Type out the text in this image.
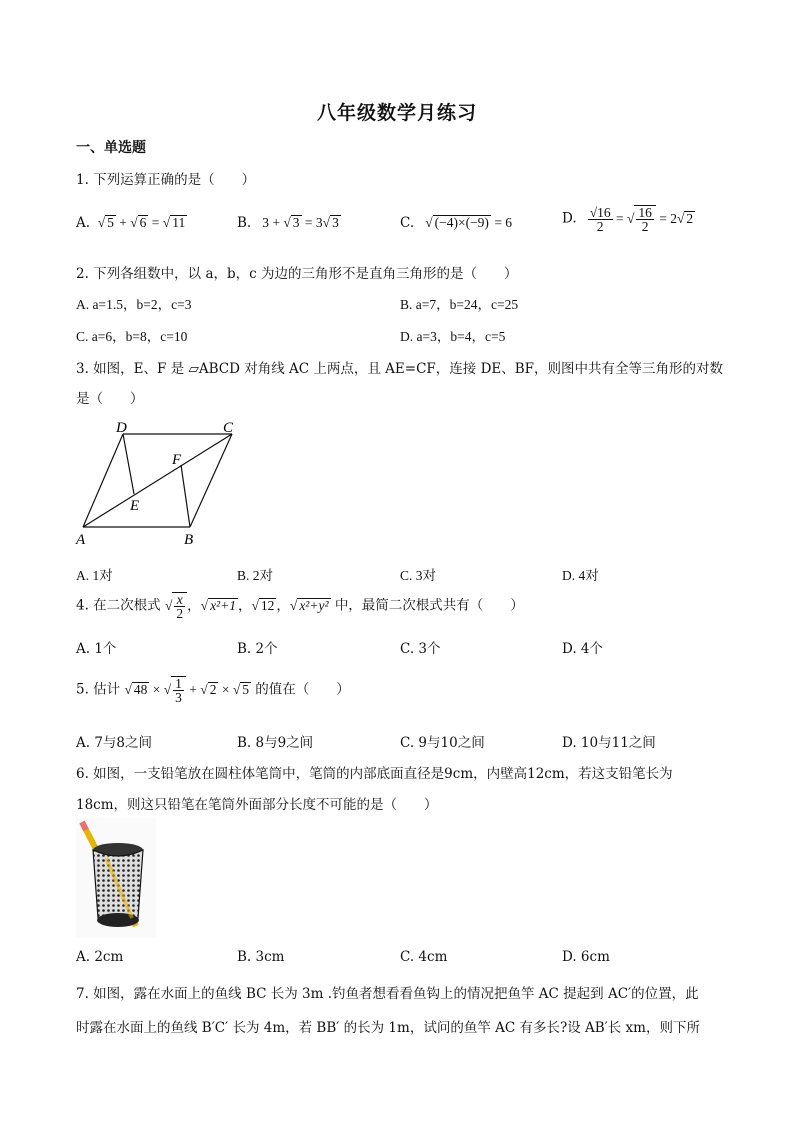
八年级数学月练习
一、单选题
1. 下列运算正确的是（　　）
A.  √ 5 + √ 6 = √ 11	B.   3 + √ 3 = 3√ 3	C.   √ (−4)×(−9) = 6	D. $\frac{√16}{2}$ = √ $\frac{16}{2} = 2√$ 2
2. 下列各组数中，以 a，b，c 为边的三角形不是直角三角形的是（　　）
A. a=1.5，b=2，c=3	B. a=7，b=24，c=25
C. a=6，b=8，c=10	D. a=3，b=4，c=5
3. 如图，E、F 是 ▱ABCD 对角线 AC 上两点，且 AE=CF，连接 DE、BF，则图中共有全等三角形的对数
是（　　）
D	C
F
E
A	B
A. 1对	B. 2对	C. 3对	D. 4对
4. 在二次根式 √ $\frac{x}{2}$ ，√ x²+1 ，√ 12 ，√ x²+y² 中，最简二次根式共有（　　）
A. 1个	B. 2个	C. 3个	D. 4个
5. 估计 √ 48 × √ $\frac{1}{3}$ + √ 2 × √ 5 的值在（　　）
A. 7与8之间	B. 8与9之间	C. 9与10之间	D. 10与11之间
6. 如图，一支铅笔放在圆柱体笔筒中，笔筒的内部底面直径是9cm，内壁高12cm，若这支铅笔长为
18cm，则这只铅笔在笔筒外面部分长度不可能的是（　　）
A. 2cm	B. 3cm	C. 4cm	D. 6cm
7. 如图，露在水面上的鱼线 BC 长为 3m .钓鱼者想看看鱼钩上的情况把鱼竿 AC 提起到 AC′的位置，此
时露在水面上的鱼线 B′C′ 长为 4m，若 BB′ 的长为 1m，试问的鱼竿 AC 有多长?设 AB′长 xm，则下所
